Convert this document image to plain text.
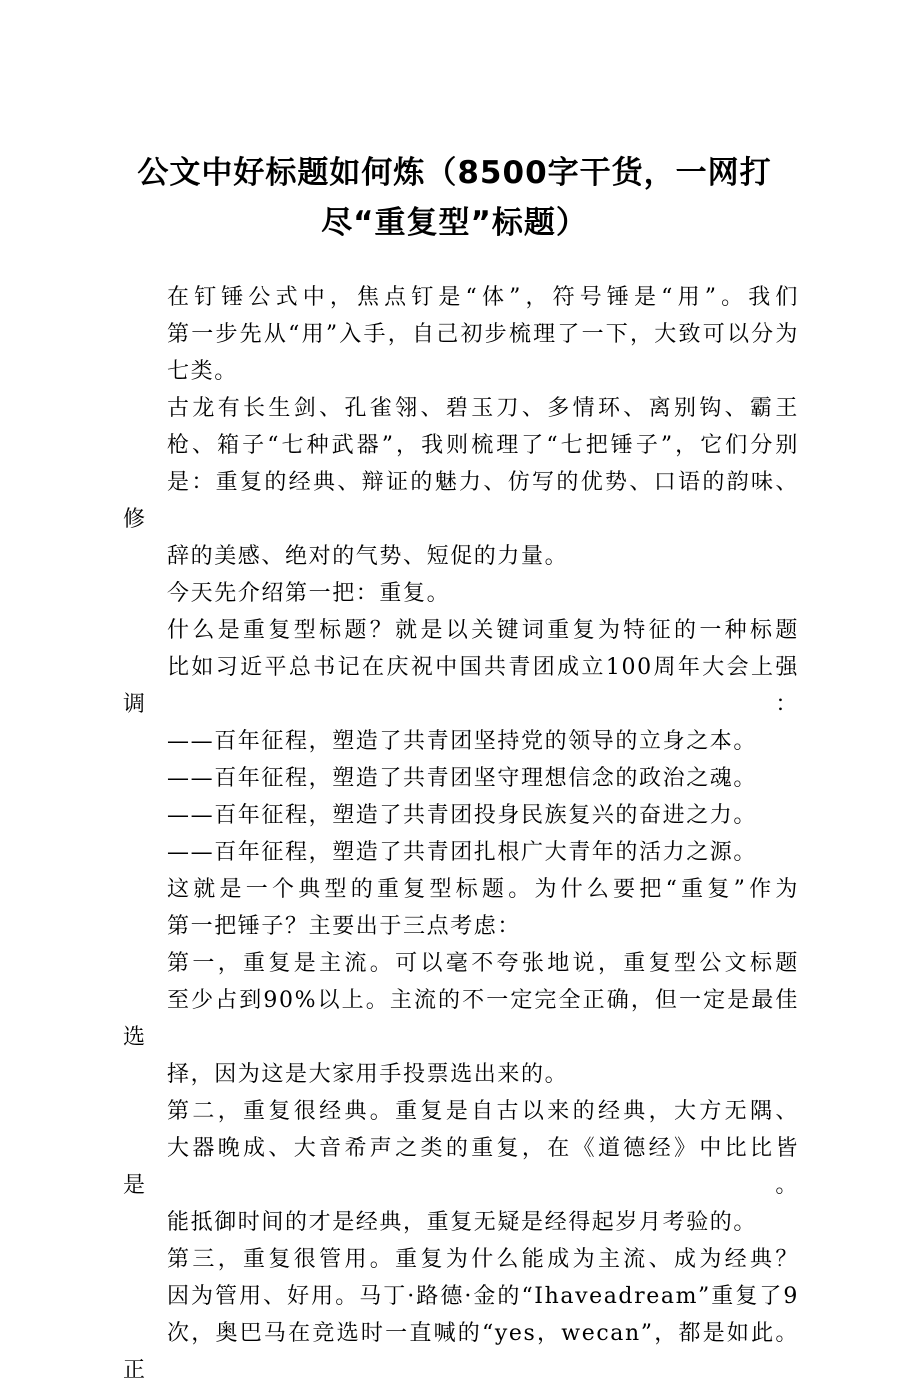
公文中好标题如何炼（8500字干货，一网打
尽“重复型”标题）

在钉锤公式中，焦点钉是“体”，符号锤是“用”。我们
第一步先从“用”入手，自己初步梳理了一下，大致可以分为
七类。

古龙有长生剑、孔雀翎、碧玉刀、多情环、离别钩、霸王
枪、箱子“七种武器”，我则梳理了“七把锤子”，它们分别
是：重复的经典、辩证的魅力、仿写的优势、口语的韵味、修
辞的美感、绝对的气势、短促的力量。

今天先介绍第一把：重复。

什么是重复型标题？就是以关键词重复为特征的一种标题
比如习近平总书记在庆祝中国共青团成立100周年大会上强调：

——百年征程，塑造了共青团坚持党的领导的立身之本。

——百年征程，塑造了共青团坚守理想信念的政治之魂。

——百年征程，塑造了共青团投身民族复兴的奋进之力。

——百年征程，塑造了共青团扎根广大青年的活力之源。

这就是一个典型的重复型标题。为什么要把“重复”作为
第一把锤子？主要出于三点考虑：

第一，重复是主流。可以毫不夸张地说，重复型公文标题
至少占到90%以上。主流的不一定完全正确，但一定是最佳选
择，因为这是大家用手投票选出来的。

第二，重复很经典。重复是自古以来的经典，大方无隅、
大器晚成、大音希声之类的重复，在《道德经》中比比皆是。
能抵御时间的才是经典，重复无疑是经得起岁月考验的。

第三，重复很管用。重复为什么能成为主流、成为经典？
因为管用、好用。马丁·路德·金的“Ihaveadream”重复了9
次，奥巴马在竞选时一直喊的“yes，wecan”，都是如此。正
